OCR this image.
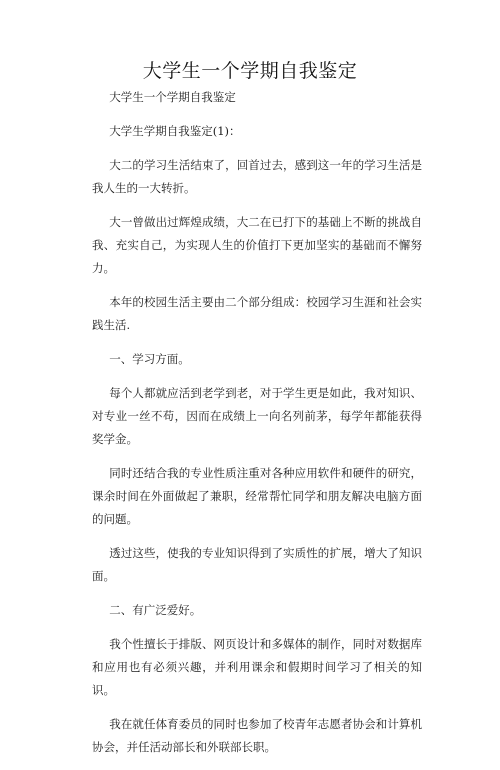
大学生一个学期自我鉴定

大学生一个学期自我鉴定

大学生学期自我鉴定(1)：

大二的学习生活结束了，回首过去，感到这一年的学习生活是我人生的一大转折。

大一曾做出过辉煌成绩，大二在已打下的基础上不断的挑战自我、充实自己，为实现人生的价值打下更加坚实的基础而不懈努力。

本年的校园生活主要由二个部分组成：校园学习生涯和社会实践生活.

一、学习方面。

每个人都就应活到老学到老，对于学生更是如此，我对知识、对专业一丝不苟，因而在成绩上一向名列前茅，每学年都能获得奖学金。

同时还结合我的专业性质注重对各种应用软件和硬件的研究，课余时间在外面做起了兼职，经常帮忙同学和朋友解决电脑方面的问题。

透过这些，使我的专业知识得到了实质性的扩展，增大了知识面。

二、有广泛爱好。

我个性擅长于排版、网页设计和多媒体的制作，同时对数据库和应用也有必须兴趣，并利用课余和假期时间学习了相关的知识。

我在就任体育委员的同时也参加了校青年志愿者协会和计算机协会，并任活动部长和外联部长职。
